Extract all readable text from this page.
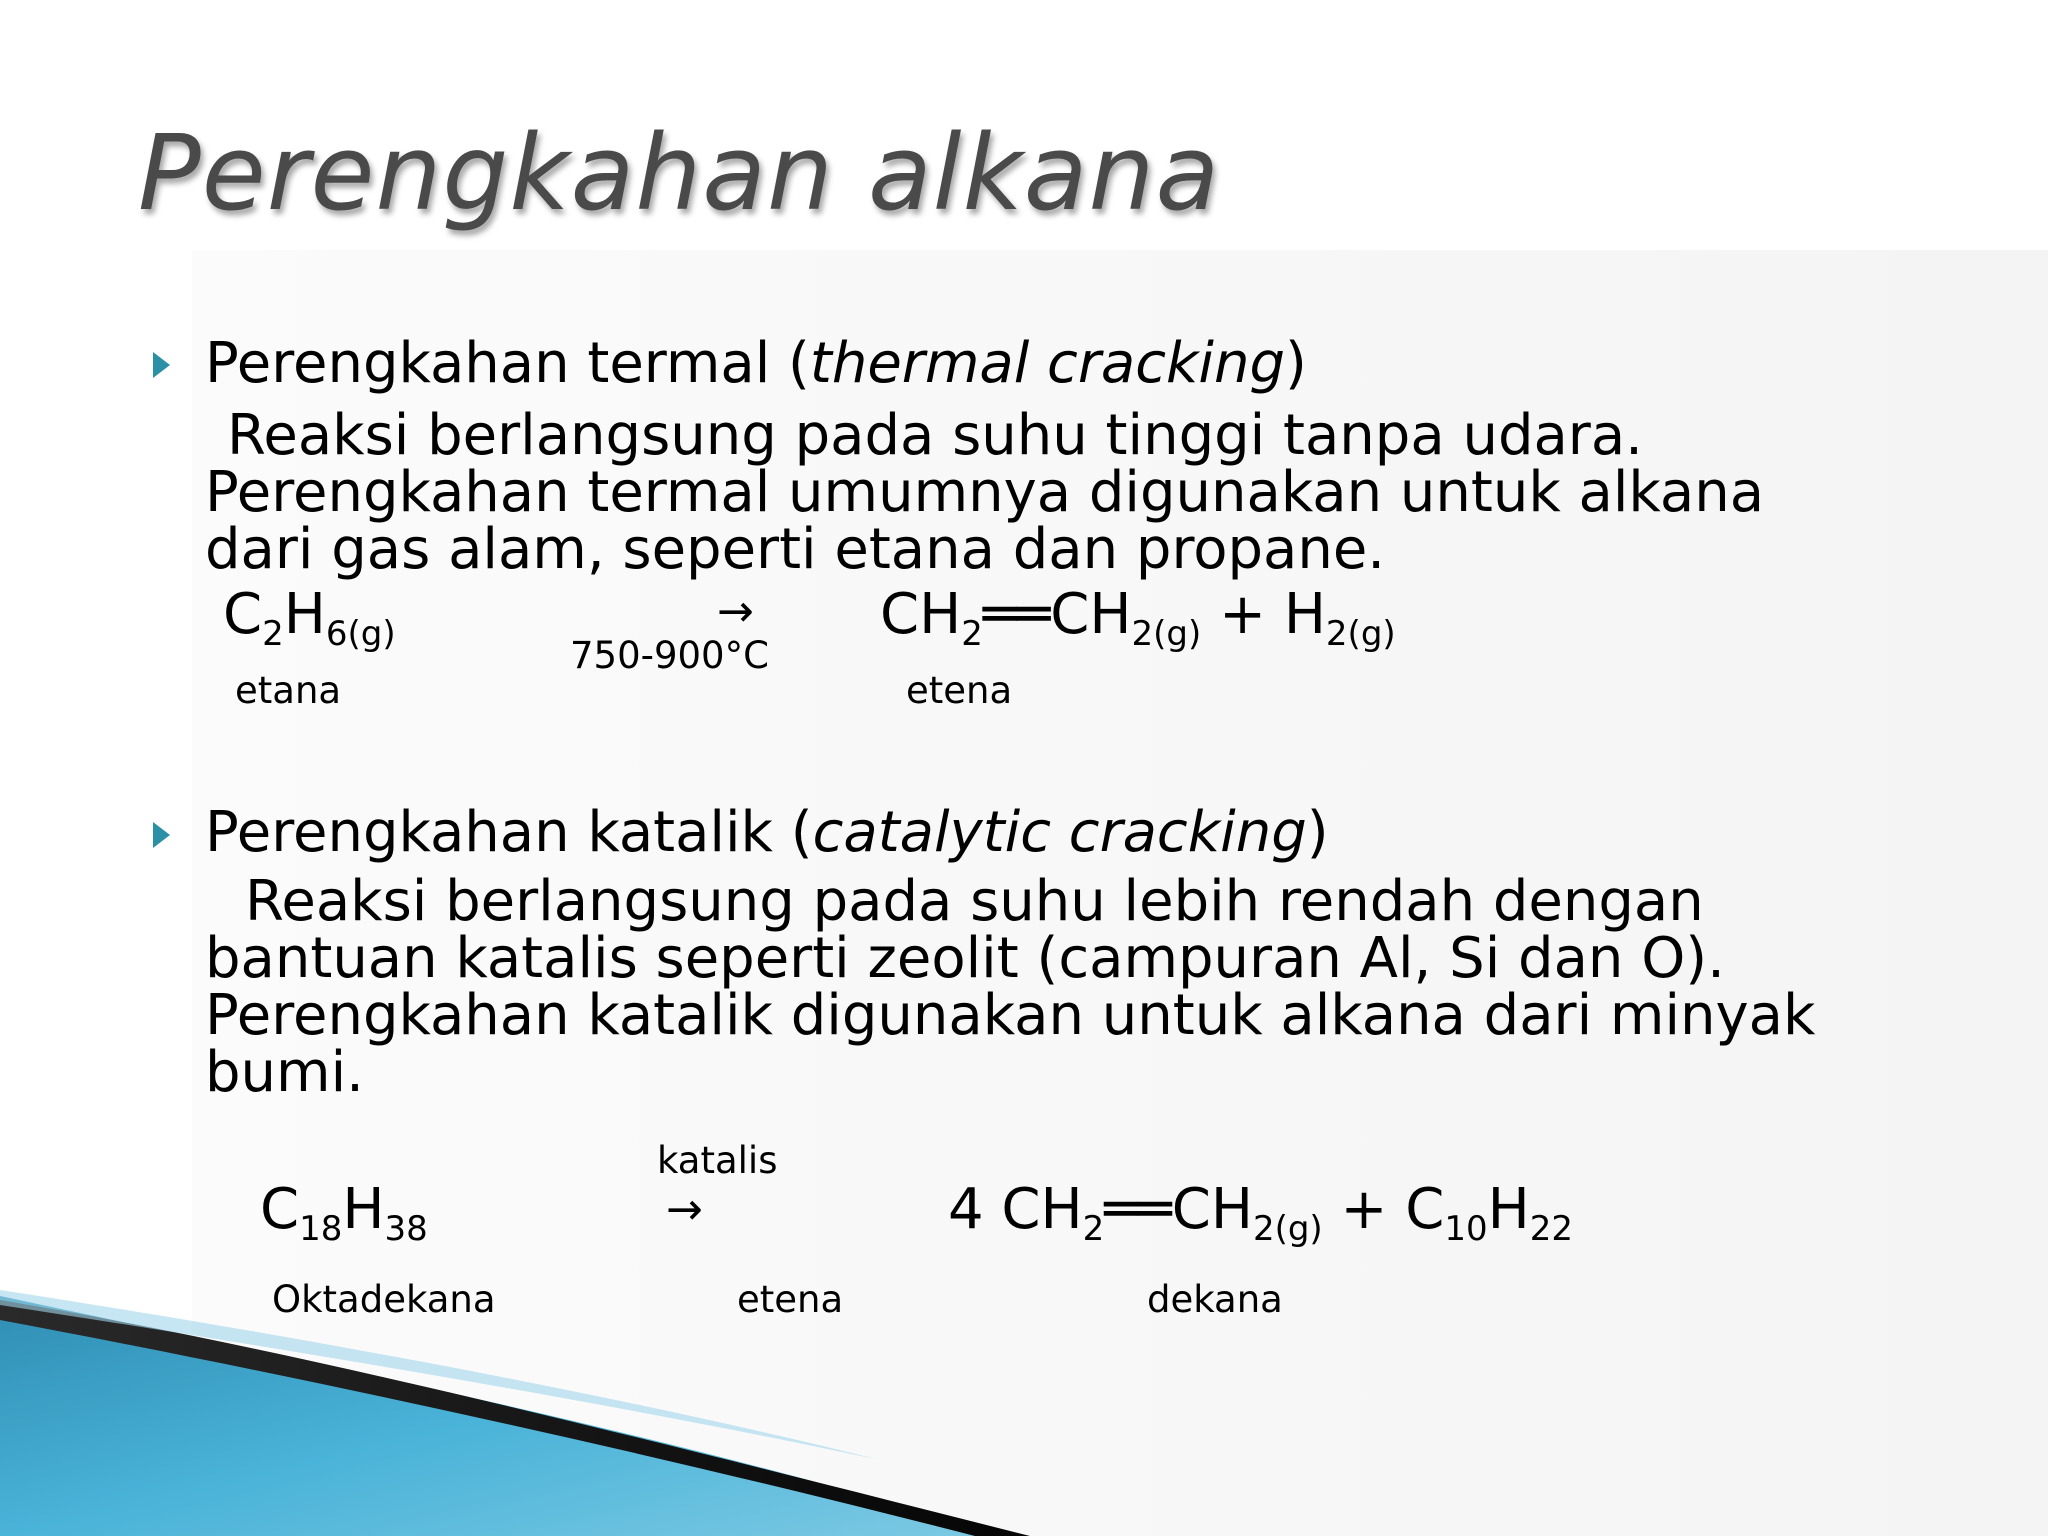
Perengkahan alkana

Perengkahan termal (thermal cracking)

Reaksi berlangsung pada suhu tinggi tanpa udara.
Perengkahan termal umumnya digunakan untuk alkana
dari gas alam, seperti etana dan propane.
$C_2H_{6(g)}$	→
750-900°C
$CH_2══CH_{2(g)} + H_{2(g)}$
etana	etena

Perengkahan katalik (catalytic cracking)

Reaksi berlangsung pada suhu lebih rendah dengan
bantuan katalis seperti zeolit (campuran Al, Si dan O).
Perengkahan katalik digunakan untuk alkana dari minyak
bumi.
katalis
$C_{18}H_{38}$	→	4 $CH_2══CH_{2(g)} + C_{10}H_{22}$
Oktadekana	etena	dekana
